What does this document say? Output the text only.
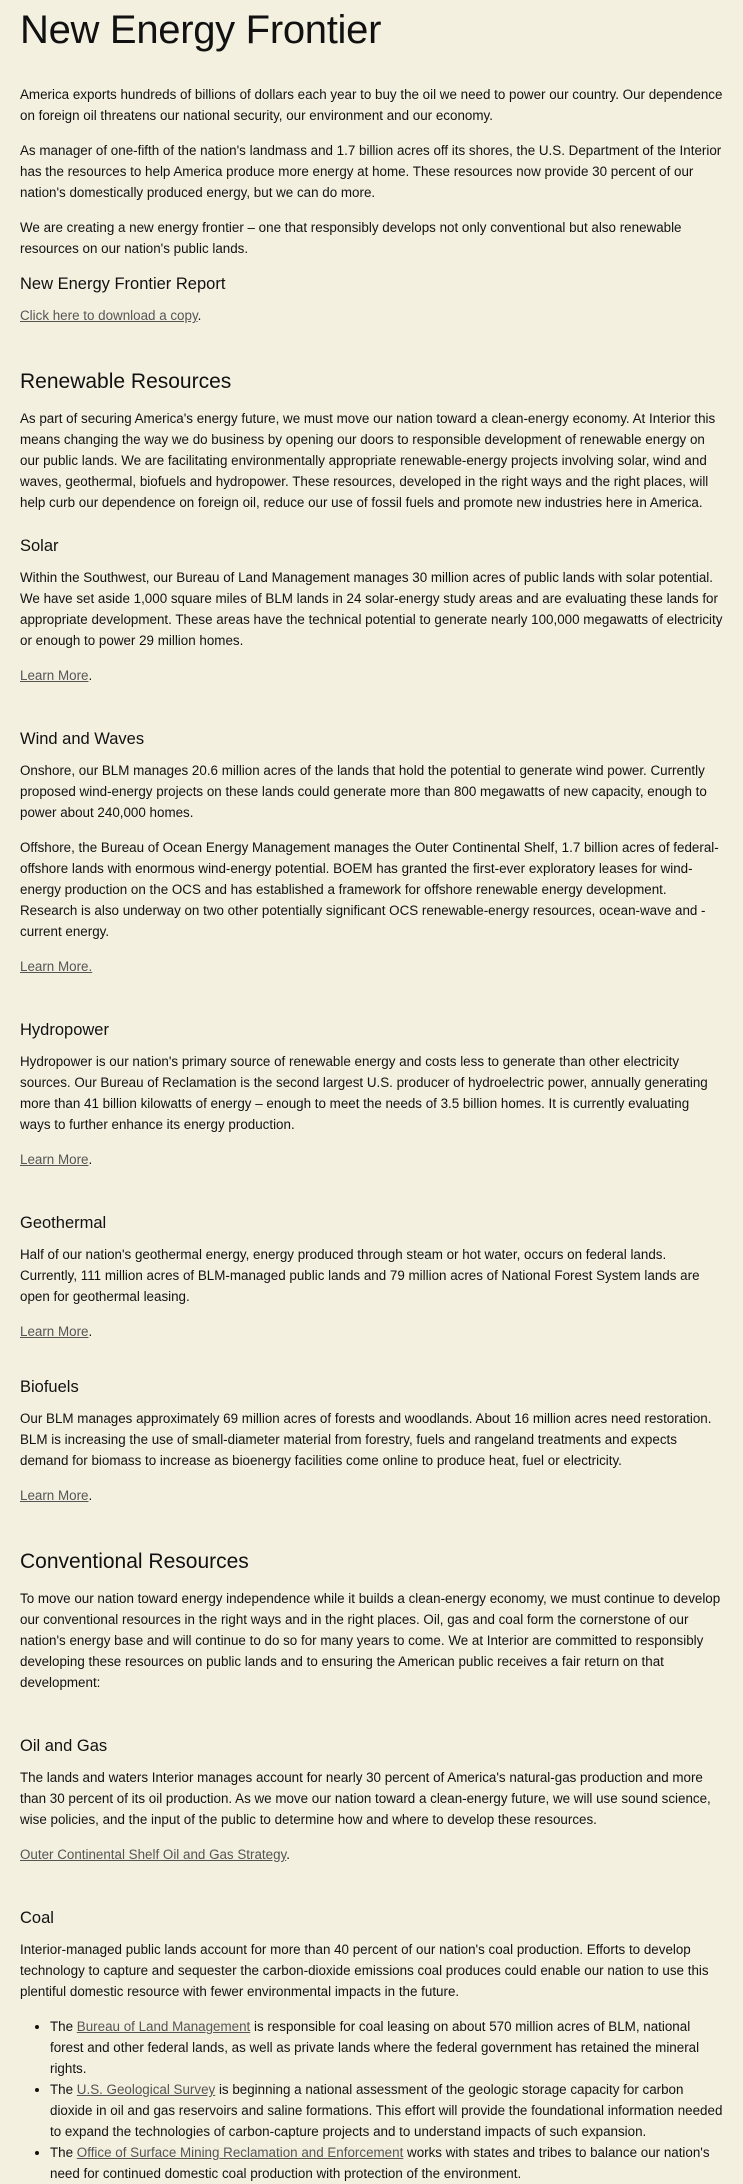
New Energy Frontier

America exports hundreds of billions of dollars each year to buy the oil we need to power our country. Our dependence on foreign oil threatens our national security, our environment and our economy.

As manager of one-fifth of the nation's landmass and 1.7 billion acres off its shores, the U.S. Department of the Interior has the resources to help America produce more energy at home. These resources now provide 30 percent of our nation's domestically produced energy, but we can do more.

We are creating a new energy frontier – one that responsibly develops not only conventional but also renewable resources on our nation's public lands.

New Energy Frontier Report

Click here to download a copy.

Renewable Resources

As part of securing America's energy future, we must move our nation toward a clean-energy economy. At Interior this means changing the way we do business by opening our doors to responsible development of renewable energy on our public lands. We are facilitating environmentally appropriate renewable-energy projects involving solar, wind and waves, geothermal, biofuels and hydropower. These resources, developed in the right ways and the right places, will help curb our dependence on foreign oil, reduce our use of fossil fuels and promote new industries here in America.

Solar

Within the Southwest, our Bureau of Land Management manages 30 million acres of public lands with solar potential. We have set aside 1,000 square miles of BLM lands in 24 solar-energy study areas and are evaluating these lands for appropriate development. These areas have the technical potential to generate nearly 100,000 megawatts of electricity or enough to power 29 million homes.

Learn More.

Wind and Waves

Onshore, our BLM manages 20.6 million acres of the lands that hold the potential to generate wind power. Currently proposed wind-energy projects on these lands could generate more than 800 megawatts of new capacity, enough to power about 240,000 homes.

Offshore, the Bureau of Ocean Energy Management manages the Outer Continental Shelf, 1.7 billion acres of federal-offshore lands with enormous wind-energy potential. BOEM has granted the first-ever exploratory leases for wind-energy production on the OCS and has established a framework for offshore renewable energy development. Research is also underway on two other potentially significant OCS renewable-energy resources, ocean-wave and -current energy.

Learn More.

Hydropower

Hydropower is our nation's primary source of renewable energy and costs less to generate than other electricity sources. Our Bureau of Reclamation is the second largest U.S. producer of hydroelectric power, annually generating more than 41 billion kilowatts of energy – enough to meet the needs of 3.5 billion homes. It is currently evaluating ways to further enhance its energy production.

Learn More.

Geothermal

Half of our nation's geothermal energy, energy produced through steam or hot water, occurs on federal lands. Currently, 111 million acres of BLM-managed public lands and 79 million acres of National Forest System lands are open for geothermal leasing.

Learn More.

Biofuels

Our BLM manages approximately 69 million acres of forests and woodlands. About 16 million acres need restoration. BLM is increasing the use of small-diameter material from forestry, fuels and rangeland treatments and expects demand for biomass to increase as bioenergy facilities come online to produce heat, fuel or electricity.

Learn More.

Conventional Resources

To move our nation toward energy independence while it builds a clean-energy economy, we must continue to develop our conventional resources in the right ways and in the right places. Oil, gas and coal form the cornerstone of our nation's energy base and will continue to do so for many years to come. We at Interior are committed to responsibly developing these resources on public lands and to ensuring the American public receives a fair return on that development:

Oil and Gas

The lands and waters Interior manages account for nearly 30 percent of America's natural-gas production and more than 30 percent of its oil production. As we move our nation toward a clean-energy future, we will use sound science, wise policies, and the input of the public to determine how and where to develop these resources.

Outer Continental Shelf Oil and Gas Strategy.

Coal

Interior-managed public lands account for more than 40 percent of our nation's coal production. Efforts to develop technology to capture and sequester the carbon-dioxide emissions coal produces could enable our nation to use this plentiful domestic resource with fewer environmental impacts in the future.

• The Bureau of Land Management is responsible for coal leasing on about 570 million acres of BLM, national forest and other federal lands, as well as private lands where the federal government has retained the mineral rights.
• The U.S. Geological Survey is beginning a national assessment of the geologic storage capacity for carbon dioxide in oil and gas reservoirs and saline formations. This effort will provide the foundational information needed to expand the technologies of carbon-capture projects and to understand impacts of such expansion.
• The Office of Surface Mining Reclamation and Enforcement works with states and tribes to balance our nation's need for continued domestic coal production with protection of the environment.
